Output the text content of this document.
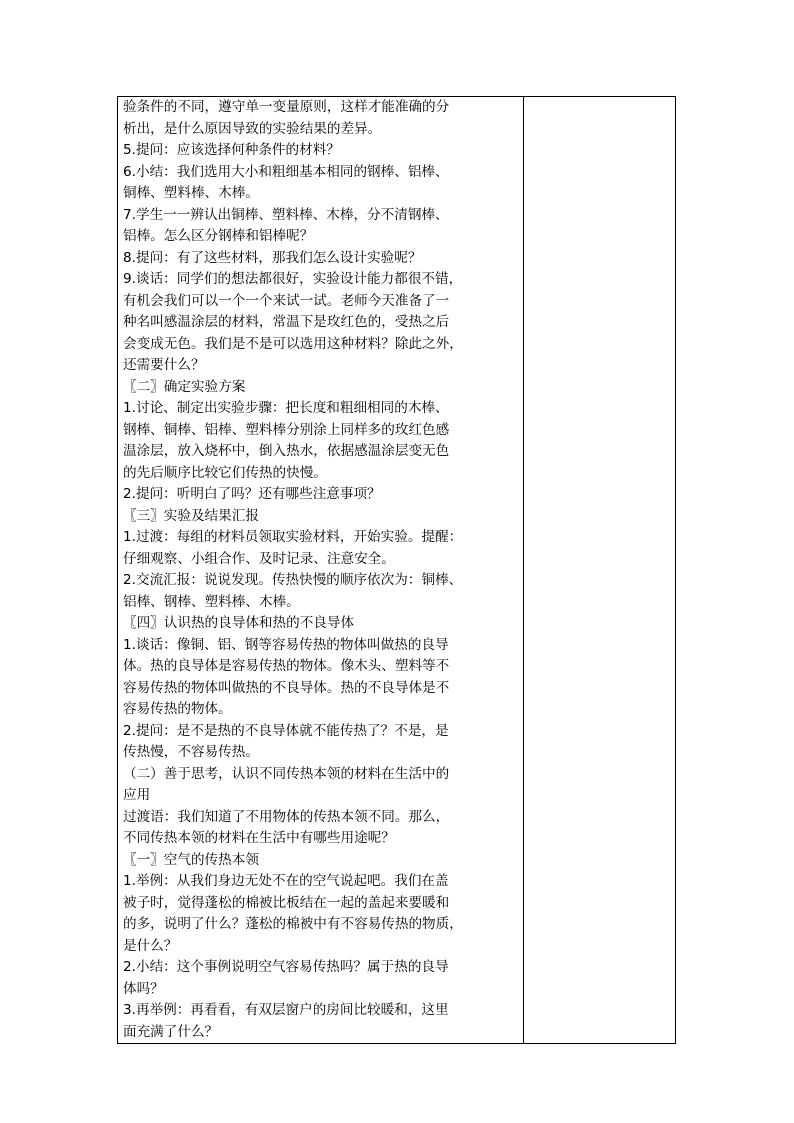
验条件的不同，遵守单一变量原则，这样才能准确的分
析出，是什么原因导致的实验结果的差异。
5.提问：应该选择何种条件的材料？
6.小结：我们选用大小和粗细基本相同的钢棒、铝棒、
铜棒、塑料棒、木棒。
7.学生一一辨认出铜棒、塑料棒、木棒，分不清钢棒、
铝棒。怎么区分钢棒和铝棒呢？
8.提问：有了这些材料，那我们怎么设计实验呢？
9.谈话：同学们的想法都很好，实验设计能力都很不错，
有机会我们可以一个一个来试一试。老师今天准备了一
种名叫感温涂层的材料，常温下是玫红色的，受热之后
会变成无色。我们是不是可以选用这种材料？除此之外，
还需要什么？
〖二〗确定实验方案
1.讨论、制定出实验步骤：把长度和粗细相同的木棒、
钢棒、铜棒、铝棒、塑料棒分别涂上同样多的玫红色感
温涂层，放入烧杯中，倒入热水，依据感温涂层变无色
的先后顺序比较它们传热的快慢。
2.提问：听明白了吗？还有哪些注意事项？
〖三〗实验及结果汇报
1.过渡：每组的材料员领取实验材料，开始实验。提醒：
仔细观察、小组合作、及时记录、注意安全。
2.交流汇报：说说发现。传热快慢的顺序依次为：铜棒、
铝棒、钢棒、塑料棒、木棒。
〖四〗认识热的良导体和热的不良导体
1.谈话：像铜、铝、钢等容易传热的物体叫做热的良导
体。热的良导体是容易传热的物体。像木头、塑料等不
容易传热的物体叫做热的不良导体。热的不良导体是不
容易传热的物体。
2.提问：是不是热的不良导体就不能传热了？不是，是
传热慢，不容易传热。
（二）善于思考，认识不同传热本领的材料在生活中的
应用
过渡语：我们知道了不用物体的传热本领不同。那么，
不同传热本领的材料在生活中有哪些用途呢？
〖一〗空气的传热本领
1.举例：从我们身边无处不在的空气说起吧。我们在盖
被子时，觉得蓬松的棉被比板结在一起的盖起来要暖和
的多，说明了什么？蓬松的棉被中有不容易传热的物质，
是什么？
2.小结：这个事例说明空气容易传热吗？属于热的良导
体吗？
3.再举例：再看看，有双层窗户的房间比较暖和，这里
面充满了什么？
